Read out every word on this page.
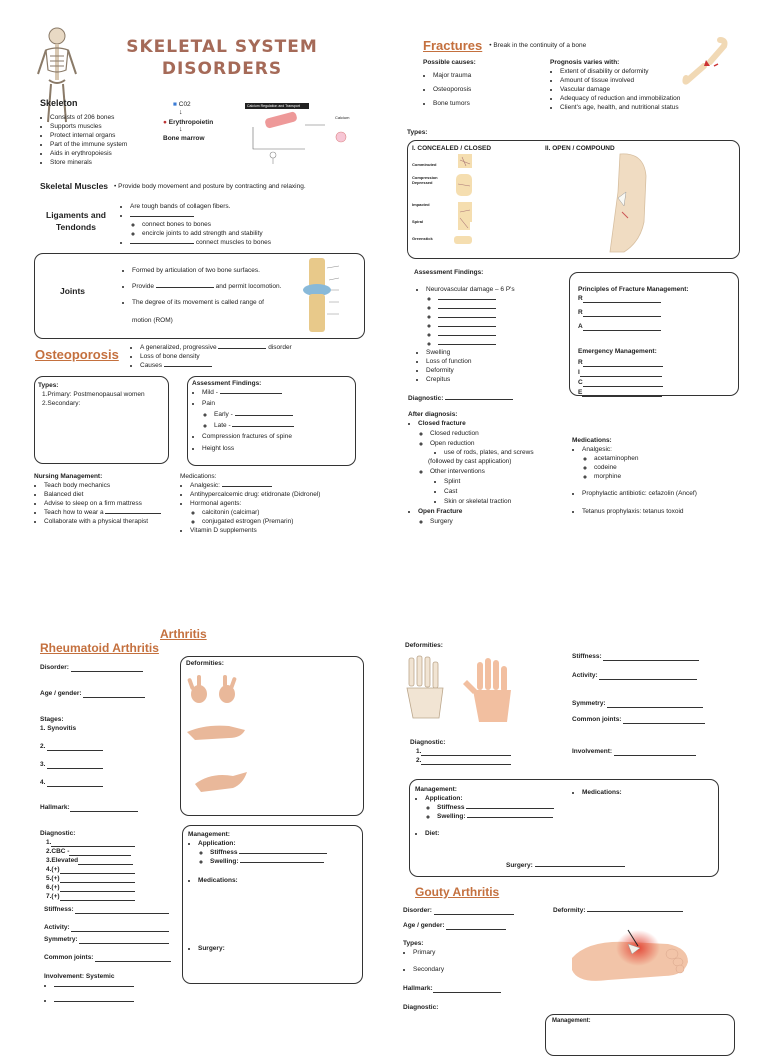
SKELETAL SYSTEM
DISORDERS
Skeleton
• Consists of 206 bones
• Supports muscles
• Protect internal organs
• Part of the immune system
• Aids in erythropoiesis
• Store minerals
■ C02
↓
● Erythropoietin
↓
Bone marrow
Calcium Regulation and Transport
Calcium
Skeletal Muscles • Provide body movement and posture by contracting and relaxing.
Ligaments and
Tendonds
• Are tough bands of collagen fibers.
•
◦ connect bones to bones
◦ encircle joints to add strength and stability
• connect muscles to bones
Joints
• Formed by articulation of two bone surfaces.
• Provide	and permit locomotion.
• The degree of its movement is called range of

motion (ROM)
Osteoporosis
•	A generalized, progressive	disorder
• Loss of bone density
• Causes
Types:
1.Primary: Postmenopausal women
2.Secondary:
Assessment Findings:
• Mild -
• Pain
◦ Early -
◦ Late -
• Compression fractures of spine
• Height loss
Nursing Management:
• Teach body mechanics
• Balanced diet
• Advise to sleep on a firm mattress
• Teach how to wear a
• Collaborate with a physical therapist
Medications:
• Analgesic:
• Antihypercalcemic drug: etidronate (Didronel)
• Hormonal agents:
◦ calcitonin (calcimar)
◦ conjugated estrogen (Premarin)
• Vitamin D supplements
Fractures • Break in the continuity of a bone
Possible causes:
• Major trauma
• Osteoporosis
• Bone tumors
Prognosis varies with:
• Extent of disability or deformity
• Amount of tissue involved
• Vascular damage
• Adequacy of reduction and immobilization
• Client's age, health, and nutritional status
Types:
I. CONCEALED / CLOSED	II. OPEN / COMPOUND
Comminuted
Compression Depressed
Impacted
Spiral
Greenstick
Assessment Findings:
• Neurovascular damage – 6 P's
◦
◦
◦
◦
◦
◦
• Swelling
• Loss of function
• Deformity
• Crepitus
Principles of Fracture Management:
R
R
A
Emergency Management:
R
I
C
E
Diagnostic:
After diagnosis:
• Closed fracture
◦ Closed reduction
◦ Open reduction
• use of rods, plates, and screws
(followed by cast application)
◦ Other interventions
• Splint
• Cast
• Skin or skeletal traction
• Open Fracture
◦ Surgery
Medications:
• Analgesic:
◦ acetaminophen
◦ codeine
◦ morphine
• Prophylactic antibiotic: cefazolin (Ancef)
• Tetanus prophylaxis: tetanus toxoid
Arthritis
Rheumatoid Arthritis
Disorder:

Age / gender:

Stages:
1. Synovitis
2.

3.

4.

Hallmark:
Diagnostic:
1.
2.CBC -
3.Elevated
4.(+)
5.(+)
6.(+)
7.(+)
Stiffness:

Activity:

Symmetry:

Common joints:

Involvement: Systemic
•
•
Deformities:
Management:
• Application:
◦ Stiffness
◦ Swelling:
• Medications:
• Surgery:
Deformities:
Stiffness:

Activity:

Symmetry:

Common joints:

Involvement:

Diagnostic:
1.
2.
Management:
• Application:
◦ Stiffness
◦ Swelling:
• Diet:
• Medications:
Surgery:
Gouty Arthritis
Disorder:

Age / gender:

Types:
• Primary
• Secondary
Hallmark:
Diagnostic:
Deformity:
Management:
